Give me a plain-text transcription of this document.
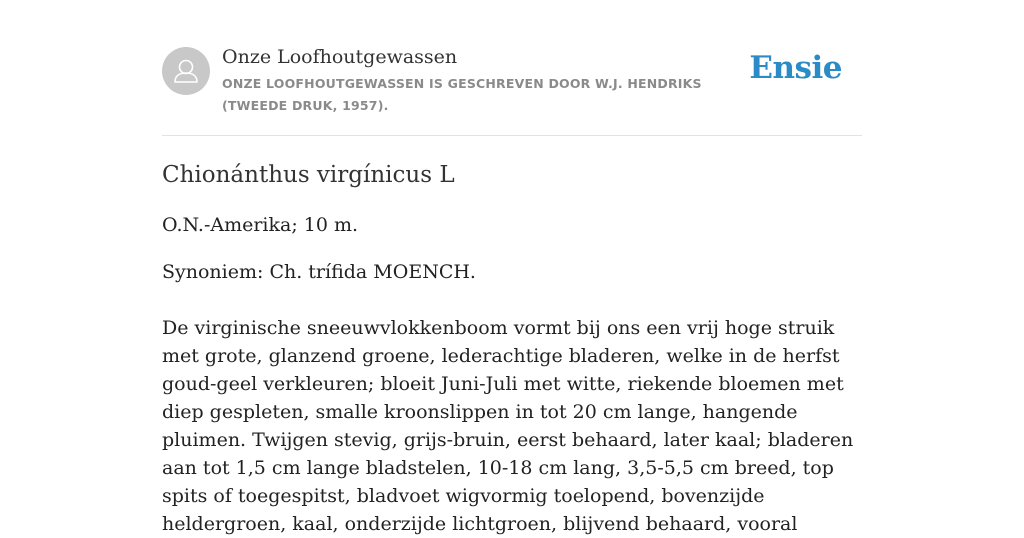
Onze Loofhoutgewassen
ONZE LOOFHOUTGEWASSEN IS GESCHREVEN DOOR W.J. HENDRIKS (TWEEDE DRUK, 1957).
Ensie
Chionánthus virgínicus L

O.N.-Amerika; 10 m.

Synoniem: Ch. trífida MOENCH.

De virginische sneeuwvlokkenboom vormt bij ons een vrij hoge struik met grote, glanzend groene, lederachtige bladeren, welke in de herfst goud-geel verkleuren; bloeit Juni-Juli met witte, riekende bloemen met diep gespleten, smalle kroonslippen in tot 20 cm lange, hangende pluimen. Twijgen stevig, grijs-bruin, eerst behaard, later kaal; bladeren aan tot 1,5 cm lange bladstelen, 10-18 cm lang, 3,5-5,5 cm breed, top spits of toegespitst, bladvoet wigvormig toelopend, bovenzijde heldergroen, kaal, onderzijde lichtgroen, blijvend behaard, vooral
